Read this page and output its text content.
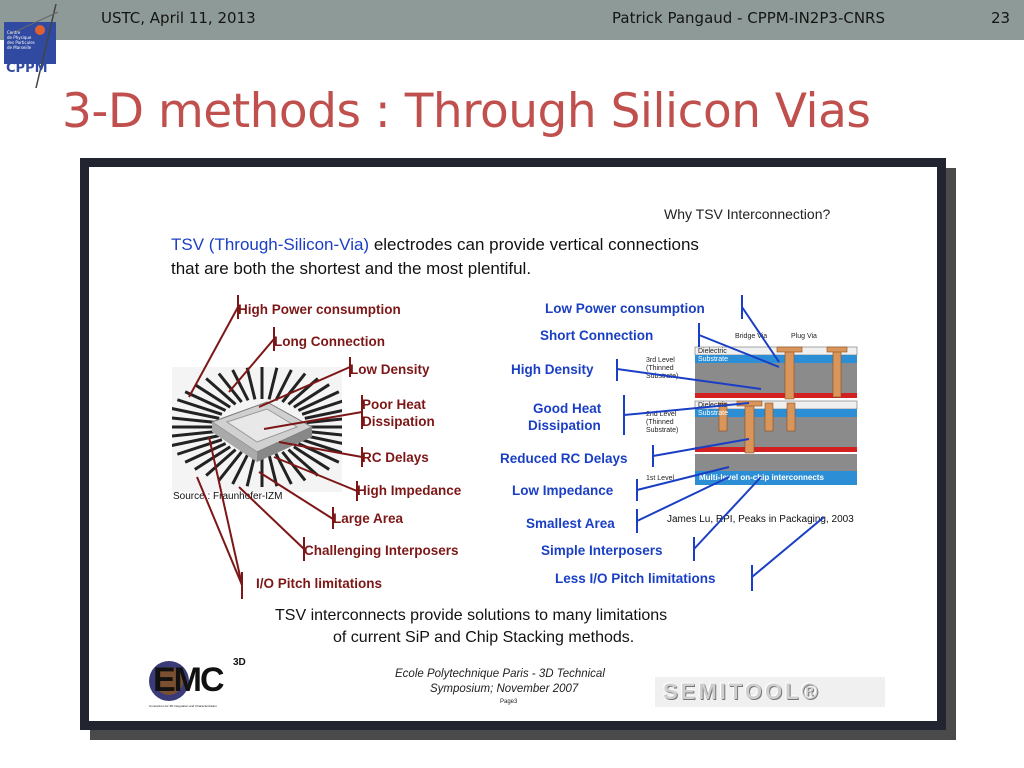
USTC, April 11, 2013	Patrick Pangaud - CPPM-IN2P3-CNRS	23
Centre
de Physique
des Particules
de Marseille
CPPM
3-D methods : Through Silicon Vias
Why TSV Interconnection?
TSV (Through-Silicon-Via) electrodes can provide vertical connections
that are both the shortest and the most plentiful.
Source : Fraunhofer-IZM
High Power consumption
Long Connection
Low Density
Poor Heat
Dissipation
RC Delays
High Impedance
Large Area
Challenging Interposers
I/O Pitch limitations
Low Power consumption
Short Connection
High Density
Good Heat
Dissipation
Reduced RC Delays
Low Impedance
Smallest Area
Simple Interposers
Less I/O Pitch limitations
Bridge Via	Plug Via
Dielectric
Substrate
3rd Level
(Thinned
Substrate)
Dielectric
Substrate
2nd Level
(Thinned
Substrate)
1st Level	Multi-level on-chip interconnects
Substrate
James Lu, RPI, Peaks in Packaging, 2003
TSV interconnects provide solutions to many limitations
of current SiP and Chip Stacking methods.
EMC 3D
Consortium for 3D Integration and Characterization
Ecole Polytechnique Paris - 3D Technical
Symposium; November 2007
Page3	SEMITOOL®
